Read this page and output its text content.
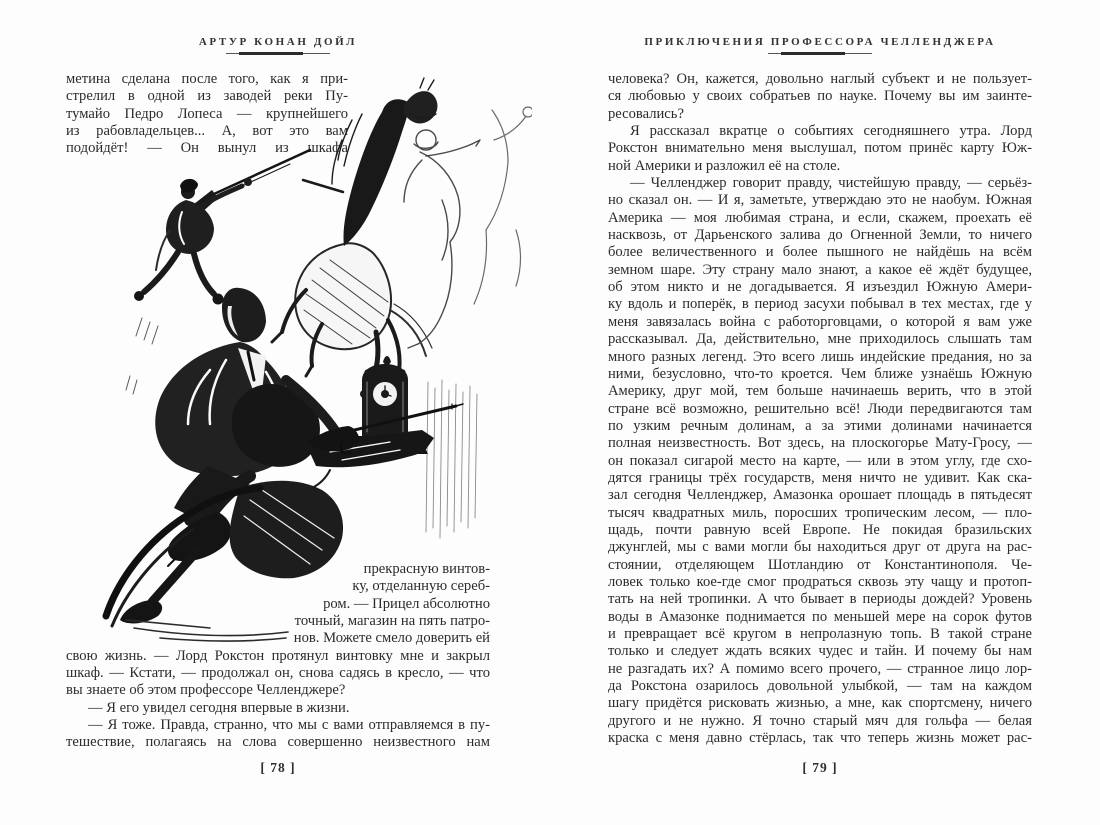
АРТУР КОНАН ДОЙЛ
метина сделана после того, как я при-
стрелил в одной из заводей реки Пу-
тумайо Педро Лопеса — крупнейшего
из рабовладельцев... А, вот это вам
подойдёт! — Он вынул из шкафа
прекрасную винтов-
ку, отделанную сереб-
ром. — Прицел абсолютно
точный, магазин на пять патро-
нов. Можете смело доверить ей
свою жизнь. — Лорд Рокстон протянул винтовку мне и закрыл
шкаф. — Кстати, — продолжал он, снова садясь в кресло, — что
вы знаете об этом профессоре Челленджере?
— Я его увидел сегодня впервые в жизни.
— Я тоже. Правда, странно, что мы с вами отправляемся в пу-
тешествие, полагаясь на слова совершенно неизвестного нам
[ 78 ]
ПРИКЛЮЧЕНИЯ ПРОФЕССОРА ЧЕЛЛЕНДЖЕРА
человека? Он, кажется, довольно наглый субъект и не пользует-
ся любовью у своих собратьев по науке. Почему вы им заинте-
ресовались?
Я рассказал вкратце о событиях сегодняшнего утра. Лорд
Рокстон внимательно меня выслушал, потом принёс карту Юж-
ной Америки и разложил её на столе.
— Челленджер говорит правду, чистейшую правду, — серьёз-
но сказал он. — И я, заметьте, утверждаю это не наобум. Южная
Америка — моя любимая страна, и если, скажем, проехать её
насквозь, от Дарьенского залива до Огненной Земли, то ничего
более величественного и более пышного не найдёшь на всём
земном шаре. Эту страну мало знают, а какое её ждёт будущее,
об этом никто и не догадывается. Я изъездил Южную Амери-
ку вдоль и поперёк, в период засухи побывал в тех местах, где у
меня завязалась война с работорговцами, о которой я вам уже
рассказывал. Да, действительно, мне приходилось слышать там
много разных легенд. Это всего лишь индейские предания, но за
ними, безусловно, что-то кроется. Чем ближе узнаёшь Южную
Америку, друг мой, тем больше начинаешь верить, что в этой
стране всё возможно, решительно всё! Люди передвигаются там
по узким речным долинам, а за этими долинами начинается
полная неизвестность. Вот здесь, на плоскогорье Мату-Гросу, —
он показал сигарой место на карте, — или в этом углу, где схо-
дятся границы трёх государств, меня ничто не удивит. Как ска-
зал сегодня Челленджер, Амазонка орошает площадь в пятьдесят
тысяч квадратных миль, поросших тропическим лесом, — пло-
щадь, почти равную всей Европе. Не покидая бразильских
джунглей, мы с вами могли бы находиться друг от друга на рас-
стоянии, отделяющем Шотландию от Константинополя. Че-
ловек только кое-где смог продраться сквозь эту чащу и протоп-
тать на ней тропинки. А что бывает в периоды дождей? Уровень
воды в Амазонке поднимается по меньшей мере на сорок футов
и превращает всё кругом в непролазную топь. В такой стране
только и следует ждать всяких чудес и тайн. И почему бы нам
не разгадать их? А помимо всего прочего, — странное лицо лор-
да Рокстона озарилось довольной улыбкой, — там на каждом
шагу придётся рисковать жизнью, а мне, как спортсмену, ничего
другого и не нужно. Я точно старый мяч для гольфа — белая
краска с меня давно стёрлась, так что теперь жизнь может рас-
[ 79 ]
